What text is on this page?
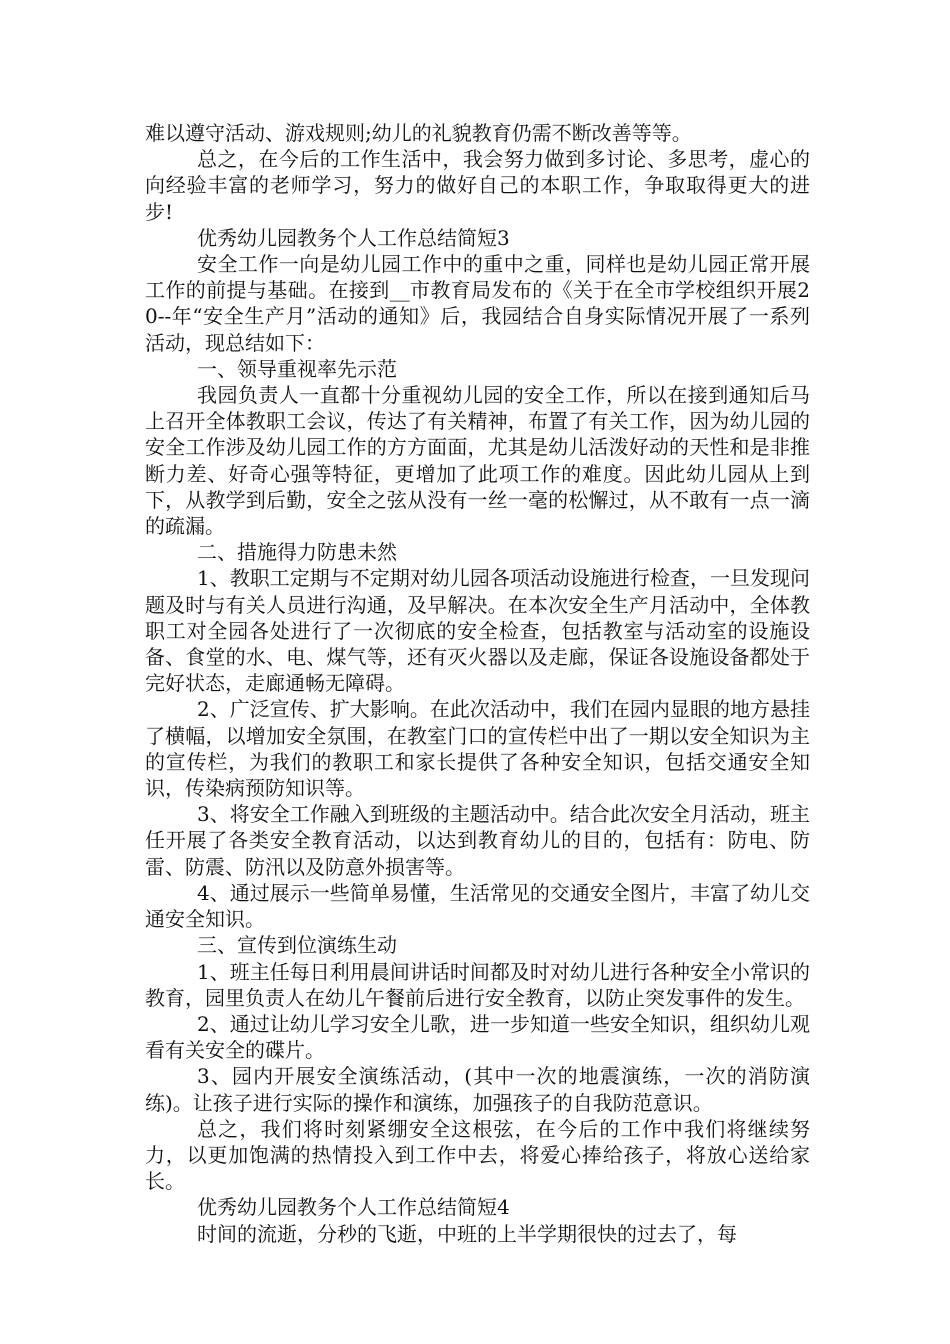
难以遵守活动、游戏规则;幼儿的礼貌教育仍需不断改善等等。

总之，在今后的工作生活中，我会努力做到多讨论、多思考，虚心的向经验丰富的老师学习，努力的做好自己的本职工作，争取取得更大的进步!

优秀幼儿园教务个人工作总结简短3

安全工作一向是幼儿园工作中的重中之重，同样也是幼儿园正常开展工作的前提与基础。在接到__市教育局发布的《关于在全市学校组织开展20--年“安全生产月”活动的通知》后，我园结合自身实际情况开展了一系列活动，现总结如下：

一、领导重视率先示范

我园负责人一直都十分重视幼儿园的安全工作，所以在接到通知后马上召开全体教职工会议，传达了有关精神，布置了有关工作，因为幼儿园的安全工作涉及幼儿园工作的方方面面，尤其是幼儿活泼好动的天性和是非推断力差、好奇心强等特征，更增加了此项工作的难度。因此幼儿园从上到下，从教学到后勤，安全之弦从没有一丝一毫的松懈过，从不敢有一点一滴的疏漏。

二、措施得力防患未然

1、教职工定期与不定期对幼儿园各项活动设施进行检查，一旦发现问题及时与有关人员进行沟通，及早解决。在本次安全生产月活动中，全体教职工对全园各处进行了一次彻底的安全检查，包括教室与活动室的设施设备、食堂的水、电、煤气等，还有灭火器以及走廊，保证各设施设备都处于完好状态，走廊通畅无障碍。

2、广泛宣传、扩大影响。在此次活动中，我们在园内显眼的地方悬挂了横幅，以增加安全氛围，在教室门口的宣传栏中出了一期以安全知识为主的宣传栏，为我们的教职工和家长提供了各种安全知识，包括交通安全知识，传染病预防知识等。

3、将安全工作融入到班级的主题活动中。结合此次安全月活动，班主任开展了各类安全教育活动，以达到教育幼儿的目的，包括有：防电、防雷、防震、防汛以及防意外损害等。

4、通过展示一些简单易懂，生活常见的交通安全图片，丰富了幼儿交通安全知识。

三、宣传到位演练生动

1、班主任每日利用晨间讲话时间都及时对幼儿进行各种安全小常识的教育，园里负责人在幼儿午餐前后进行安全教育，以防止突发事件的发生。

2、通过让幼儿学习安全儿歌，进一步知道一些安全知识，组织幼儿观看有关安全的碟片。

3、园内开展安全演练活动，(其中一次的地震演练，一次的消防演练)。让孩子进行实际的操作和演练，加强孩子的自我防范意识。

总之，我们将时刻紧绷安全这根弦，在今后的工作中我们将继续努力，以更加饱满的热情投入到工作中去，将爱心捧给孩子，将放心送给家长。

优秀幼儿园教务个人工作总结简短4

时间的流逝，分秒的飞逝，中班的上半学期很快的过去了，每
